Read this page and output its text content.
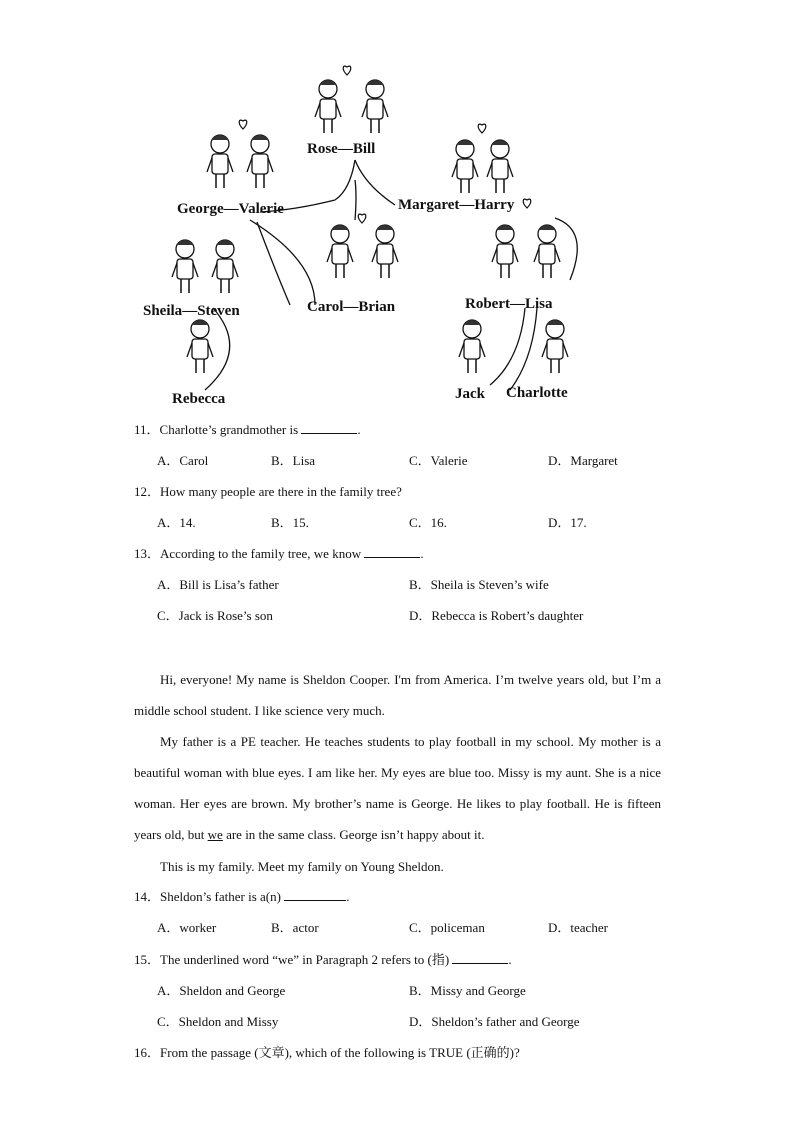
Rose—Bill
George—Valerie	Margaret—Harry
Sheila—Steven	Carol—Brian	Robert—Lisa
Rebecca	Jack Charlotte
11．Charlotte’s grandmother is	.
A．Carol	B．Lisa	C．Valerie	D．Margaret
12．How many people are there in the family tree?
A．14.	B．15.	C．16.	D．17.
13．According to the family tree, we know	.
A．Bill is Lisa’s father	B．Sheila is Steven’s wife
C．Jack is Rose’s son	D．Rebecca is Robert’s daughter
Hi, everyone! My name is Sheldon Cooper. I'm from America. I’m twelve years old, but I’m a middle school student. I like science very much.
My father is a PE teacher. He teaches students to play football in my school. My mother is a beautiful woman with blue eyes. I am like her. My eyes are blue too. Missy is my aunt. She is a nice woman. Her eyes are brown. My brother’s name is George. He likes to play football. He is fifteen years old, but we are in the same class. George isn’t happy about it.
This is my family. Meet my family on Young Sheldon.
14．Sheldon’s father is a(n)	.
A．worker	B．actor	C．policeman	D．teacher
15．The underlined word “we” in Paragraph 2 refers to (指)	.
A．Sheldon and George	B．Missy and George
C．Sheldon and Missy	D．Sheldon’s father and George
16．From the passage (文章), which of the following is TRUE (正确的)?
